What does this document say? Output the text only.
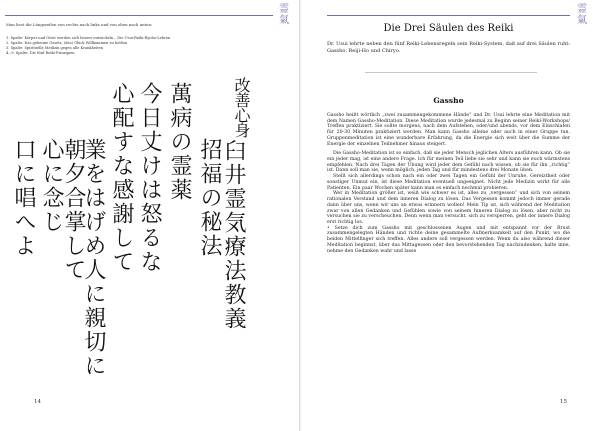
霊
氣

Man liest die Längszeilen von rechts nach links und von oben nach unten:

1. Spalte: Körper und Geist werden sich besser entwickeln – Die Usui-Reiki-Ryoho-Lehren
2. Spalte: Das geheime Gesetz, (das) Glück Willkommen zu heißen
3. Spalte: Spirituelle Medizin gegen alle Krankheiten
4.–9. Spalte: Die fünf Reiki-Prinzipien
改善心身
臼井霊気療法教義
招福の秘法
萬病の霊薬
今日丈けは怒るな
心配すな感謝して
業をはげめ人に親切に
朝夕合掌して
心に念じ
口に唱へよ
14
霊
氣
Die Drei Säulen des Reiki
Dr. Usui lehrte neben den fünf Reiki-Lebensregeln sein Reiki-System, daß auf drei Säulen ruht: Gassho, Reiji-Ho und Chiryo.
Gassho

Gassho heißt wörtlich „zwei zusammengekommene Hände“ und Dr. Usui lehrte eine Meditation mit dem Namen Gassho-Meditation. Diese Meditation wurde jedesmal zu Beginn seiner Reiki-Workshops/ Treffen praktiziert. Sie sollte morgens, nach dem Aufstehen, oder/und abends, vor dem Einschlafen für 20-30 Minuten praktiziert werden. Man kann Gassho alleine oder auch in einer Gruppe tun. Gruppenmeditation ist eine wunderbare Erfahrung, da die Energie sich weit über die Summe der Energie der einzelnen Teilnehmer hinaus steigert.

Die Gassho-Meditation ist so einfach, daß sie jeder Mensch jeglichen Alters ausführen kann. Ob sie ein jeder mag, ist eine andere Frage. Ich für meinen Teil liebe sie sehr und kann sie euch wärmstens empfehlen. Nach drei Tagen der Übung wird jeder dem Gefühl nach wissen, ob sie für ihn „richtig“ ist. Dann soll man sie, wenn möglich, jeden Tag und für mindestens drei Monate üben.

Stellt sich allerdings schon nach ein oder zwei Tagen ein Gefühl der Unruhe, Gereiztheit oder sonstiger Unmut ein, ist diese Meditation eventuell ungeeignet. Nicht jede Medizin wirkt für alle Patienten. Ein paar Wochen später kann man es einfach nochmal probieren.

Wer in Meditation größer ist, weiß wie schwer es ist, alles zu „vergessen“ und sich von seinem rationalen Verstand und dem inneren Dialog zu lösen. Das Vergessen kommt jedoch immer gerade dann über uns, wenn wir uns an etwas erinnern wollen! Mein Tip ist, sich während der Meditation zwar von allen Gedanken und Gefühlen sowie von seinem Inneren Dialog zu lösen, aber nicht zu versuchen sie zu verscheuchen. Denn wenn man versucht, sich zu versperren, geht der innere Dialog erst richtig los.

• Setze dich zum Gassho mit geschlossenen Augen und mit entspannt vor der Brust zusammengelegten Händen und richte deine gesammelte Aufmerksamkeit auf den Punkt, wo die beiden Mittelfinger sich treffen. Alles andere soll vergessen werden. Wenn du also während dieser Meditation beginnst, über das Mittagessen oder den bevorstehenden Tag nachzudenken, halte inne, nehme den Gedanken wahr und lasse

15
